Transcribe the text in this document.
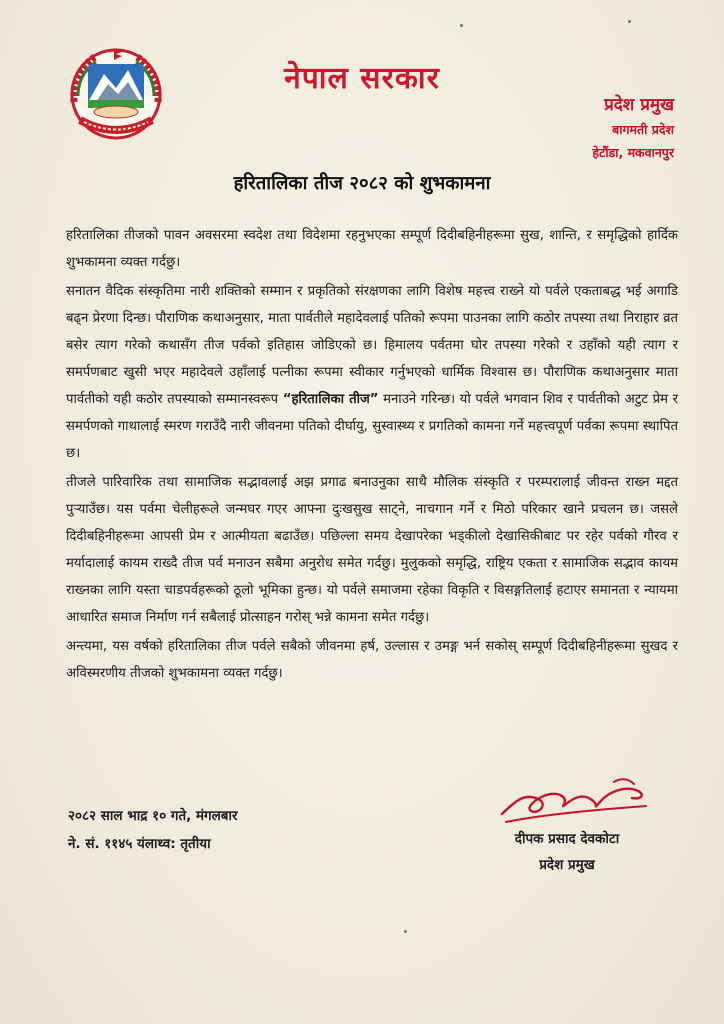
नेपाल सरकार
प्रदेश प्रमुख
बागमती प्रदेश
हेटौंडा, मकवानपुर
हरितालिका तीज २०८२ को शुभकामना

हरितालिका तीजको पावन अवसरमा स्वदेश तथा विदेशमा रहनुभएका सम्पूर्ण दिदीबहिनीहरूमा सुख, शान्ति, र समृद्धिको हार्दिक शुभकामना व्यक्त गर्दछु।

सनातन वैदिक संस्कृतिमा नारी शक्तिको सम्मान र प्रकृतिको संरक्षणका लागि विशेष महत्त्व राख्ने यो पर्वले एकताबद्ध भई अगाडि बढ्न प्रेरणा दिन्छ। पौराणिक कथाअनुसार, माता पार्वतीले महादेवलाई पतिको रूपमा पाउनका लागि कठोर तपस्या तथा निराहार व्रत बसेर त्याग गरेको कथासँग तीज पर्वको इतिहास जोडिएको छ। हिमालय पर्वतमा घोर तपस्या गरेको र उहाँको यही त्याग र समर्पणबाट खुसी भएर महादेवले उहाँलाई पत्नीका रूपमा स्वीकार गर्नुभएको धार्मिक विश्वास छ। पौराणिक कथाअनुसार माता पार्वतीको यही कठोर तपस्याको सम्मानस्वरूप “हरितालिका तीज” मनाउने गरिन्छ। यो पर्वले भगवान शिव र पार्वतीको अटुट प्रेम र समर्पणको गाथालाई स्मरण गराउँदै नारी जीवनमा पतिको दीर्घायु, सुस्वास्थ्य र प्रगतिको कामना गर्ने महत्त्वपूर्ण पर्वका रूपमा स्थापित छ।

तीजले पारिवारिक तथा सामाजिक सद्भावलाई अझ प्रगाढ बनाउनुका साथै मौलिक संस्कृति र परम्परालाई जीवन्त राख्न मद्दत पुऱ्याउँछ। यस पर्वमा चेलीहरूले जन्मघर गएर आफ्ना दुःखसुख साट्ने, नाचगान गर्ने र मिठो परिकार खाने प्रचलन छ। जसले दिदीबहिनीहरूमा आपसी प्रेम र आत्मीयता बढाउँछ। पछिल्ला समय देखापरेका भड्कीलो देखासिकीबाट पर रहेर पर्वको गौरव र मर्यादालाई कायम राख्दै तीज पर्व मनाउन सबैमा अनुरोध समेत गर्दछु। मुलुकको समृद्धि, राष्ट्रिय एकता र सामाजिक सद्भाव कायम राख्नका लागि यस्ता चाडपर्वहरूको ठूलो भूमिका हुन्छ। यो पर्वले समाजमा रहेका विकृति र विसङ्गतिलाई हटाएर समानता र न्यायमा आधारित समाज निर्माण गर्न सबैलाई प्रोत्साहन गरोस् भन्ने कामना समेत गर्दछु।

अन्त्यमा, यस वर्षको हरितालिका तीज पर्वले सबैको जीवनमा हर्ष, उल्लास र उमङ्ग भर्न सकोस् सम्पूर्ण दिदीबहिनीहरूमा सुखद र अविस्मरणीय तीजको शुभकामना व्यक्त गर्दछु।

२०८२ साल भाद्र १० गते, मंगलबार
ने. सं. ११४५ यंलाथ्व: तृतीया	दीपक प्रसाद देवकोटा
प्रदेश प्रमुख
